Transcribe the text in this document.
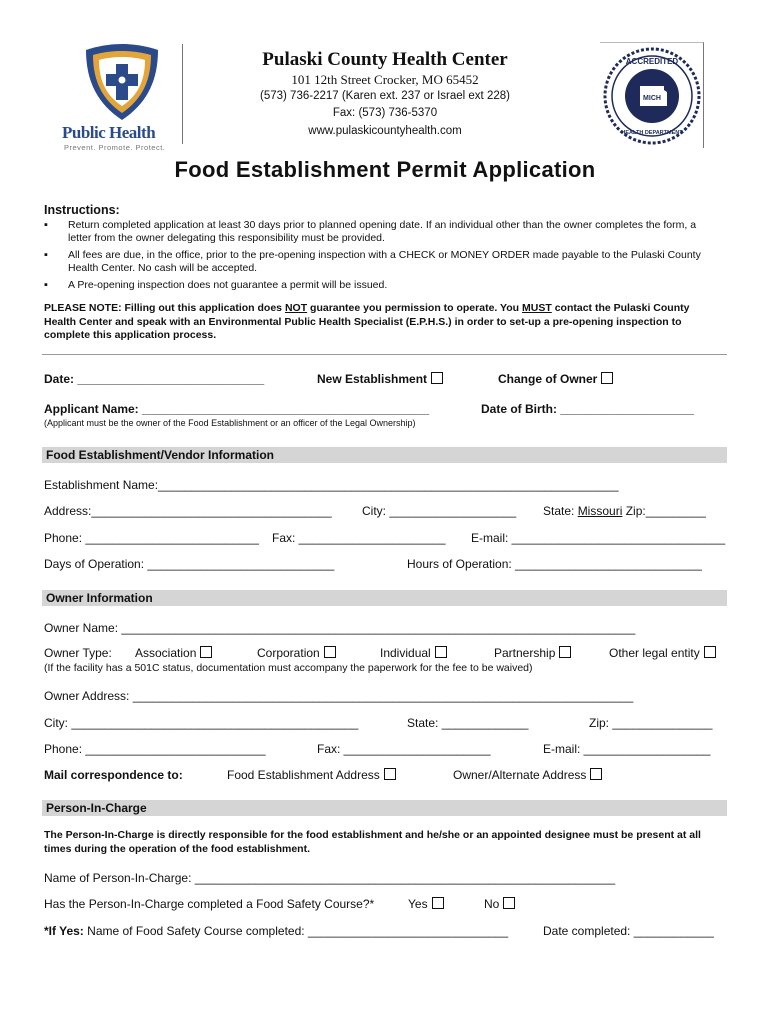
Public Health
Prevent. Promote. Protect.
Pulaski County Health Center
101 12th Street Crocker, MO 65452
(573) 736-2217 (Karen ext. 237 or Israel ext 228)
Fax: (573) 736-5370
www.pulaskicountyhealth.com
MICH
ACCREDITED
HEALTH DEPARTMENT
Food Establishment Permit Application
Instructions:
▪ Return completed application at least 30 days prior to planned opening date. If an individual other than the owner completes the form, a letter from the owner delegating this responsibility must be provided.
▪ All fees are due, in the office, prior to the pre-opening inspection with a CHECK or MONEY ORDER made payable to the Pulaski County Health Center. No cash will be accepted.
▪ A Pre-opening inspection does not guarantee a permit will be issued.
PLEASE NOTE: Filling out this application does NOT guarantee you permission to operate. You MUST contact the Pulaski County Health Center and speak with an Environmental Public Health Specialist (E.P.H.S.) in order to set-up a pre-opening inspection to complete this application process.
Date: ____________________________	New Establishment	Change of Owner
Applicant Name: ___________________________________________	Date of Birth: ____________________
(Applicant must be the owner of the Food Establishment or an officer of the Legal Ownership)
Food Establishment/Vendor Information
Establishment Name:_____________________________________________________________________
Address:____________________________________	City: ___________________ State: Missouri Zip:_________
Phone: __________________________ Fax: ______________________ E-mail: ________________________________
Days of Operation: ____________________________	Hours of Operation: ____________________________
Owner Information
Owner Name: _____________________________________________________________________________
Owner Type: Association	Corporation	Individual	Partnership	Other legal entity
(If the facility has a 501C status, documentation must accompany the paperwork for the fee to be waived)
Owner Address: ___________________________________________________________________________
City: ___________________________________________	State: _____________	Zip: _______________
Phone: ___________________________	Fax: ______________________	E-mail: ___________________
Mail correspondence to:	Food Establishment Address	Owner/Alternate Address
Person-In-Charge
The Person-In-Charge is directly responsible for the food establishment and he/she or an appointed designee must be present at all times during the operation of the food establishment.
Name of Person-In-Charge: _______________________________________________________________
Has the Person-In-Charge completed a Food Safety Course?*	Yes	No
*If Yes: Name of Food Safety Course completed: ______________________________	Date completed: ____________
